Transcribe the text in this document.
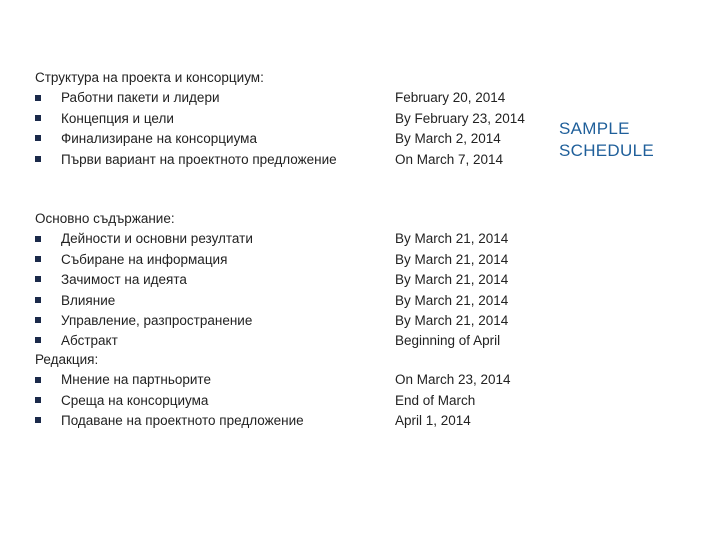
Структура на проекта и консорциум:
Работни пакети и лидери	February 20, 2014
Концепция и цели	By February 23, 2014
Финализиране на консорциума	By March 2, 2014
Първи вариант на проектното предложение	On March 7, 2014
Основно съдържание:
Дейности и основни резултати	By March 21, 2014
Събиране на информация	By March 21, 2014
Зачимост на идеята	By March 21, 2014
Влияние	By March 21, 2014
Управление, разпространение	By March 21, 2014
Абстракт	Beginning of April
Редакция:
Мнение на партньорите	On March 23, 2014
Среща на консорциума	End of March
Подаване на проектното предложение	April 1, 2014
SAMPLE
SCHEDULE
